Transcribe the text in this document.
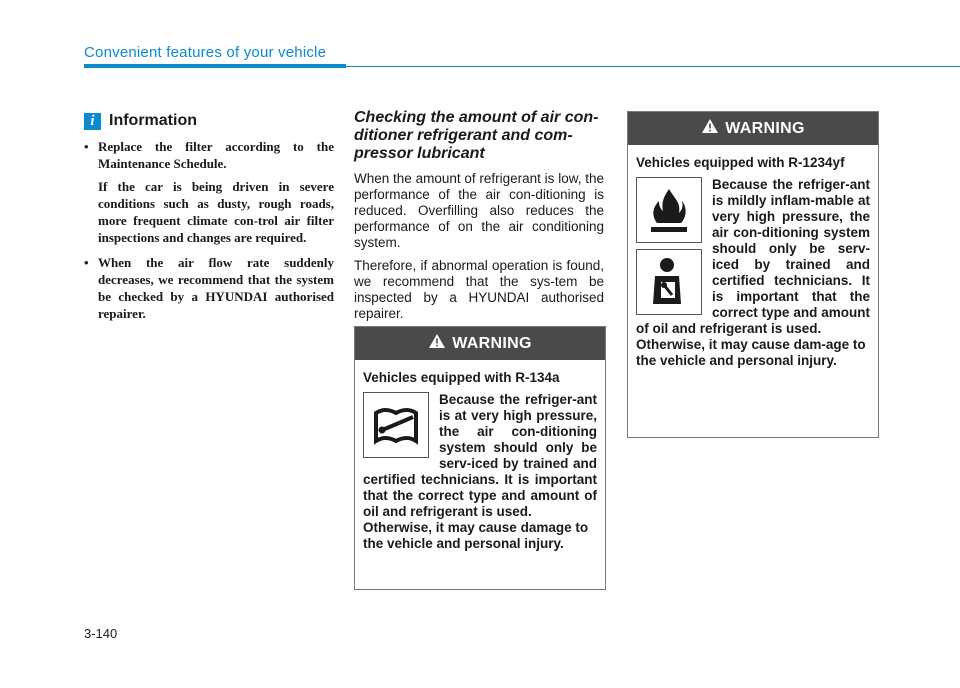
Convenient features of your vehicle
i Information

• Replace the filter according to the Maintenance Schedule.

If the car is being driven in severe conditions such as dusty, rough roads, more frequent climate con-trol air filter inspections and changes are required.

• When the air flow rate suddenly decreases, we recommend that the system be checked by a HYUNDAI authorised repairer.

Checking the amount of air con-ditioner refrigerant and com-pressor lubricant

When the amount of refrigerant is low, the performance of the air con-ditioning is reduced. Overfilling also reduces the performance of on the air conditioning system.

Therefore, if abnormal operation is found, we recommend that the sys-tem be inspected by a HYUNDAI authorised repairer.

WARNING

Vehicles equipped with R-134a

Because the refriger-ant is at very high pressure, the air con-ditioning system should only be serv-iced by trained and certified technicians. It is important that the correct type and amount of oil and refrigerant is used.

Otherwise, it may cause damage to the vehicle and personal injury.

WARNING

Vehicles equipped with R-1234yf

Because the refriger-ant is mildly inflam-mable at very high pressure, the air con-ditioning system should only be serv-iced by trained and certified technicians. It is important that the correct type and amount of oil and refrigerant is used.

Otherwise, it may cause dam-age to the vehicle and personal injury.

3-140
